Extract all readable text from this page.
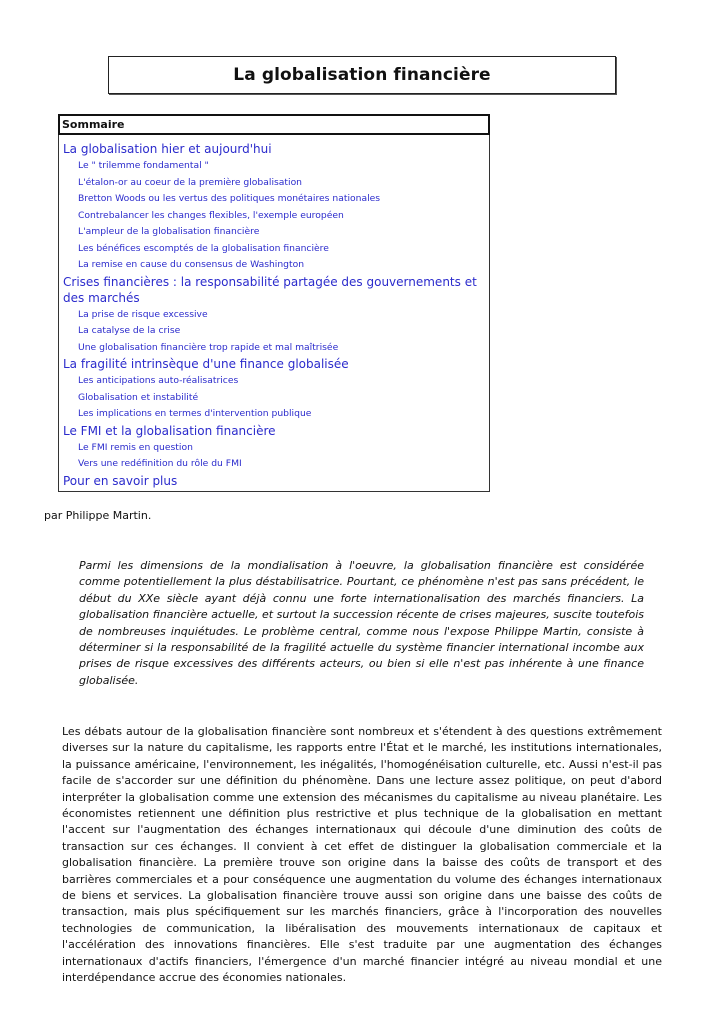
La globalisation financière
Sommaire
La globalisation hier et aujourd'hui
Le " trilemme fondamental "
L'étalon-or au coeur de la première globalisation
Bretton Woods ou les vertus des politiques monétaires nationales
Contrebalancer les changes flexibles, l'exemple européen
L'ampleur de la globalisation financière
Les bénéfices escomptés de la globalisation financière
La remise en cause du consensus de Washington
Crises financières : la responsabilité partagée des gouvernements et des marchés
La prise de risque excessive
La catalyse de la crise
Une globalisation financière trop rapide et mal maîtrisée
La fragilité intrinsèque d'une finance globalisée
Les anticipations auto-réalisatrices
Globalisation et instabilité
Les implications en termes d'intervention publique
Le FMI et la globalisation financière
Le FMI remis en question
Vers une redéfinition du rôle du FMI
Pour en savoir plus
par Philippe Martin.

Parmi les dimensions de la mondialisation à l'oeuvre, la globalisation financière est considérée comme potentiellement la plus déstabilisatrice. Pourtant, ce phénomène n'est pas sans précédent, le début du XXe siècle ayant déjà connu une forte internationalisation des marchés financiers. La globalisation financière actuelle, et surtout la succession récente de crises majeures, suscite toutefois de nombreuses inquiétudes. Le problème central, comme nous l'expose Philippe Martin, consiste à déterminer si la responsabilité de la fragilité actuelle du système financier international incombe aux prises de risque excessives des différents acteurs, ou bien si elle n'est pas inhérente à une finance globalisée.

Les débats autour de la globalisation financière sont nombreux et s'étendent à des questions extrêmement diverses sur la nature du capitalisme, les rapports entre l'État et le marché, les institutions internationales, la puissance américaine, l'environnement, les inégalités, l'homogénéisation culturelle, etc. Aussi n'est-il pas facile de s'accorder sur une définition du phénomène. Dans une lecture assez politique, on peut d'abord interpréter la globalisation comme une extension des mécanismes du capitalisme au niveau planétaire. Les économistes retiennent une définition plus restrictive et plus technique de la globalisation en mettant l'accent sur l'augmentation des échanges internationaux qui découle d'une diminution des coûts de transaction sur ces échanges. Il convient à cet effet de distinguer la globalisation commerciale et la globalisation financière. La première trouve son origine dans la baisse des coûts de transport et des barrières commerciales et a pour conséquence une augmentation du volume des échanges internationaux de biens et services. La globalisation financière trouve aussi son origine dans une baisse des coûts de transaction, mais plus spécifiquement sur les marchés financiers, grâce à l'incorporation des nouvelles technologies de communication, la libéralisation des mouvements internationaux de capitaux et l'accélération des innovations financières. Elle s'est traduite par une augmentation des échanges internationaux d'actifs financiers, l'émergence d'un marché financier intégré au niveau mondial et une interdépendance accrue des économies nationales.
